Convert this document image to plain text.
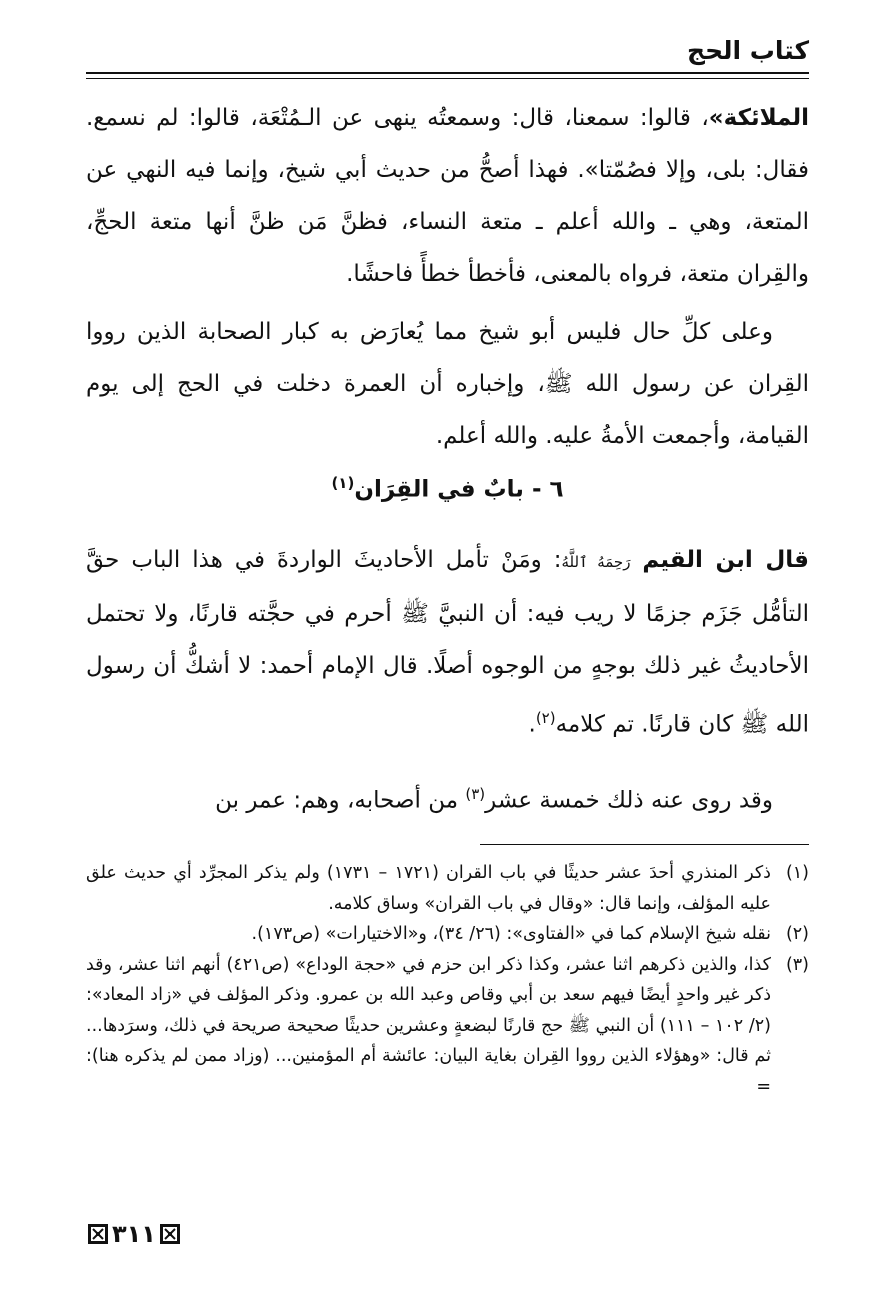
كتاب الحج
الملائكة»، قالوا: سمعنا، قال: وسمعتُه ينهى عن الـمُتْعَة، قالوا: لم نسمع. فقال: بلى، وإلا فصُمّتا». فهذا أصحُّ من حديث أبي شيخ، وإنما فيه النهي عن المتعة، وهي ـ والله أعلم ـ متعة النساء، فظنَّ مَن ظنَّ أنها متعة الحجِّ، والقِران متعة، فرواه بالمعنى، فأخطأ خطأً فاحشًا.
وعلى كلِّ حال فليس أبو شيخ مما يُعارَض به كبار الصحابة الذين رووا القِران عن رسول الله ﷺ، وإخباره أن العمرة دخلت في الحج إلى يوم القيامة، وأجمعت الأمةُ عليه. والله أعلم.
٦ - بابٌ في القِرَان$^{(١)}$
قال ابن القيم رَحِمَهُ ٱللَّهُ: ومَنْ تأمل الأحاديثَ الواردةَ في هذا الباب حقَّ التأمُّل جَزَم جزمًا لا ريب فيه: أن النبيَّ ﷺ أحرم في حجَّته قارنًا، ولا تحتمل الأحاديثُ غير ذلك بوجهٍ من الوجوه أصلًا. قال الإمام أحمد: لا أشكُّ أن رسول الله ﷺ كان قارنًا. تم كلامه$^{(٢)}$.
وقد روى عنه ذلك خمسة عشر$^{(٣)}$ من أصحابه، وهم: عمر بن
(١)
ذكر المنذري أحدَ عشر حديثًا في باب القران (١٧٢١ – ١٧٣١) ولم يذكر المجرِّد أي حديث علق عليه المؤلف، وإنما قال: «وقال في باب القران» وساق كلامه.
(٢)
نقله شيخ الإسلام كما في «الفتاوى»: (٢٦/ ٣٤)، و«الاختيارات» (ص١٧٣).
(٣)
كذا، والذين ذكرهم اثنا عشر، وكذا ذكر ابن حزم في «حجة الوداع» (ص٤٢١) أنهم اثنا عشر، وقد ذكر غير واحدٍ أيضًا فيهم سعد بن أبي وقاص وعبد الله بن عمرو. وذكر المؤلف في «زاد المعاد»: (٢/ ١٠٢ – ١١١) أن النبي ﷺ حج قارنًا لبضعةٍ وعشرين حديثًا صحيحة صريحة في ذلك، وسرَدها... ثم قال: «وهؤلاء الذين رووا القِران بغاية البيان: عائشة أم المؤمنين... (وزاد ممن لم يذكره هنا): =
٣١١
